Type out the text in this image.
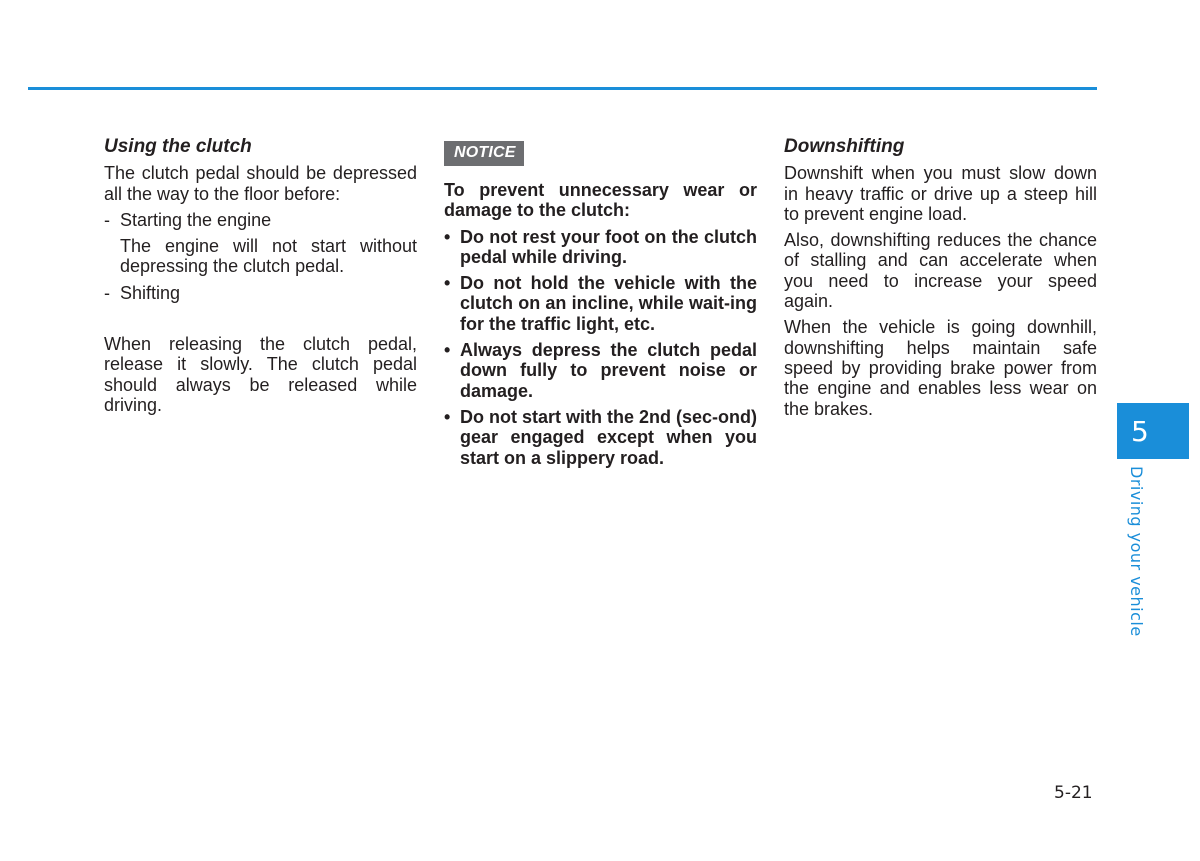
Using the clutch

The clutch pedal should be depressed all the way to the floor before:

- Starting the engine

The engine will not start without depressing the clutch pedal.

- Shifting

When releasing the clutch pedal, release it slowly. The clutch pedal should always be released while driving.

NOTICE

To prevent unnecessary wear or damage to the clutch:

• Do not rest your foot on the clutch pedal while driving.
• Do not hold the vehicle with the clutch on an incline, while wait-ing for the traffic light, etc.
• Always depress the clutch pedal down fully to prevent noise or damage.
• Do not start with the 2nd (sec-ond) gear engaged except when you start on a slippery road.

Downshifting

Downshift when you must slow down in heavy traffic or drive up a steep hill to prevent engine load.

Also, downshifting reduces the chance of stalling and can accelerate when you need to increase your speed again.

When the vehicle is going downhill, downshifting helps maintain safe speed by providing brake power from the engine and enables less wear on the brakes.

5
Driving your vehicle
5-21
